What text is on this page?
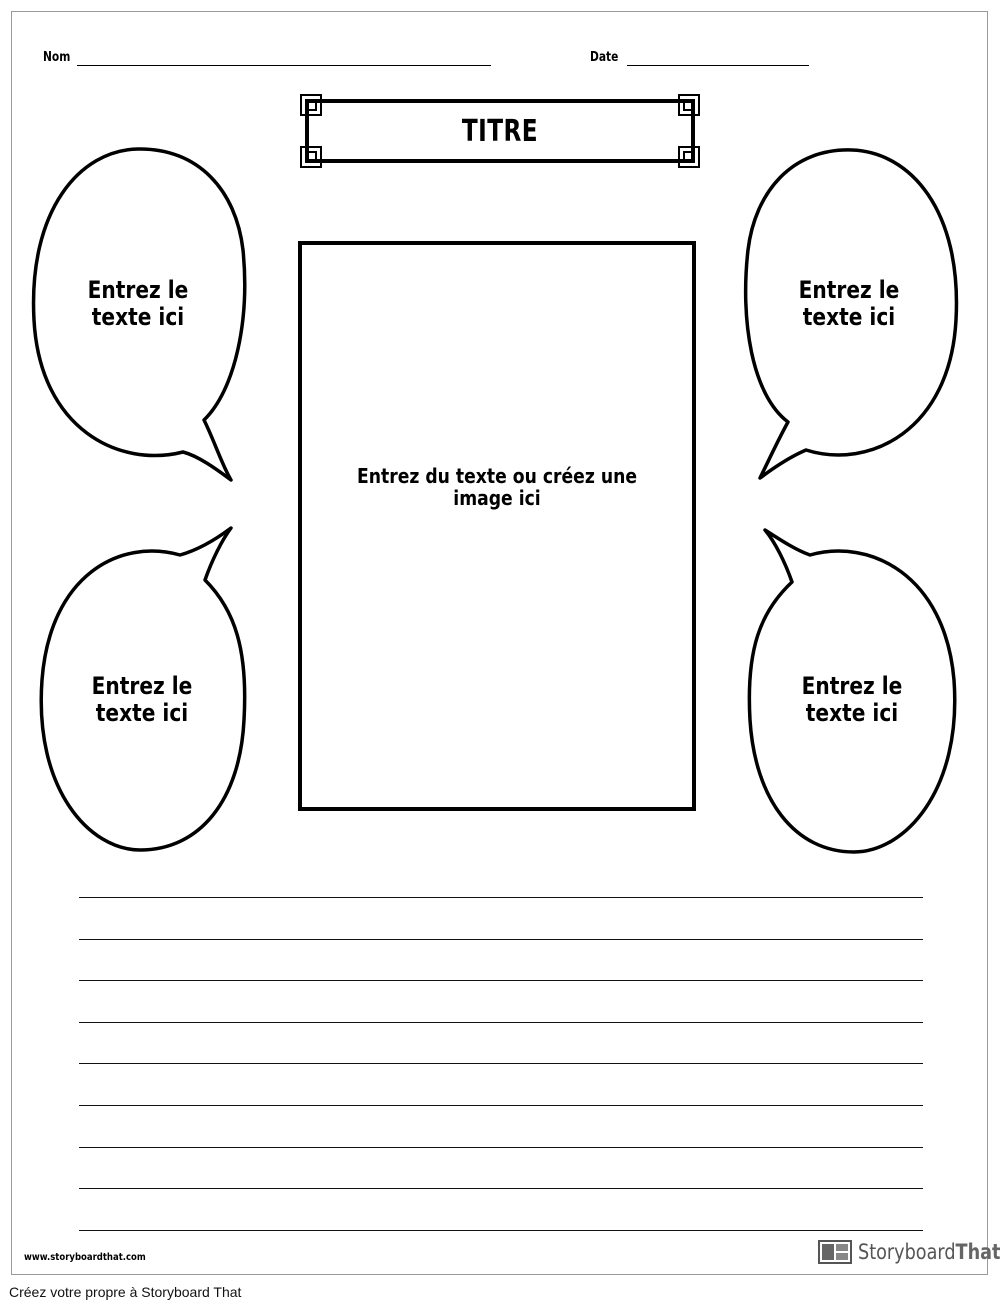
Nom	Date
TITRE
Entrez le texte ici
Entrez le texte ici
Entrez le texte ici
Entrez le texte ici
Entrez du texte ou créez une image ici
www.storyboardthat.com	StoryboardThat
Créez votre propre à Storyboard That
